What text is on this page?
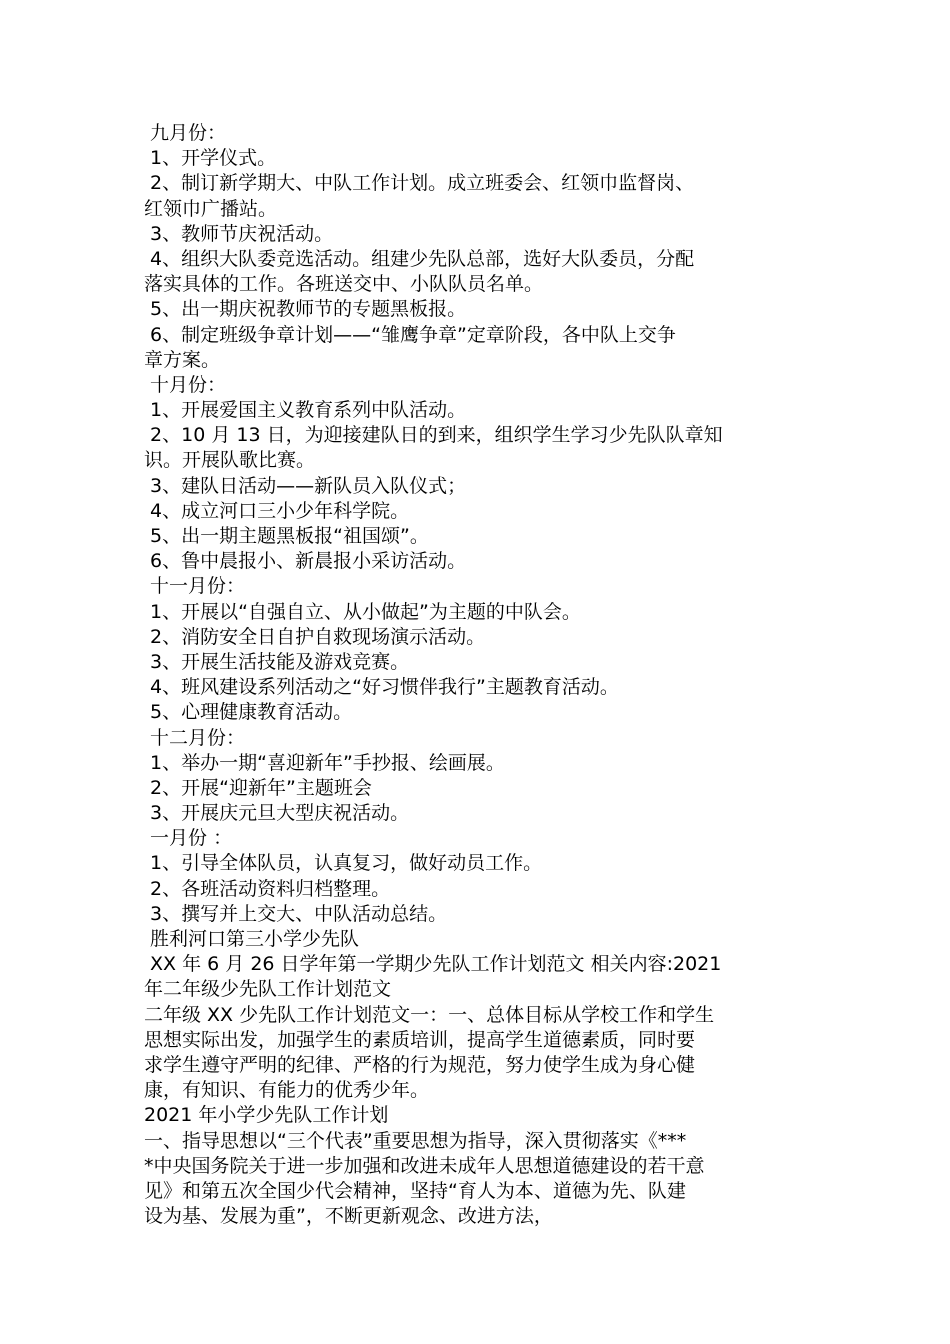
九月份：
1、开学仪式。
2、制订新学期大、中队工作计划。成立班委会、红领巾监督岗、
红领巾广播站。
3、教师节庆祝活动。
4、组织大队委竞选活动。组建少先队总部，选好大队委员，分配
落实具体的工作。各班送交中、小队队员名单。
5、出一期庆祝教师节的专题黑板报。
6、制定班级争章计划——“雏鹰争章”定章阶段，各中队上交争
章方案。
十月份：
1、开展爱国主义教育系列中队活动。
2、10 月 13 日，为迎接建队日的到来，组织学生学习少先队队章知
识。开展队歌比赛。
3、建队日活动——新队员入队仪式；
4、成立河口三小少年科学院。
5、出一期主题黑板报“祖国颂”。
6、鲁中晨报小、新晨报小采访活动。
十一月份：
1、开展以“自强自立、从小做起”为主题的中队会。
2、消防安全日自护自救现场演示活动。
3、开展生活技能及游戏竞赛。
4、班风建设系列活动之“好习惯伴我行”主题教育活动。
5、心理健康教育活动。
十二月份：
1、举办一期“喜迎新年”手抄报、绘画展。
2、开展“迎新年”主题班会
3、开展庆元旦大型庆祝活动。
一月份 ：
1、引导全体队员，认真复习，做好动员工作。
2、各班活动资料归档整理。
3、撰写并上交大、中队活动总结。
胜利河口第三小学少先队
XX 年 6 月 26 日学年第一学期少先队工作计划范文 相关内容:2021
年二年级少先队工作计划范文
二年级 XX 少先队工作计划范文一：一、总体目标从学校工作和学生
思想实际出发，加强学生的素质培训，提高学生道德素质，同时要
求学生遵守严明的纪律、严格的行为规范，努力使学生成为身心健
康，有知识、有能力的优秀少年。
2021 年小学少先队工作计划
一、指导思想以“三个代表”重要思想为指导，深入贯彻落实《***
*中央国务院关于进一步加强和改进未成年人思想道德建设的若干意
见》和第五次全国少代会精神，坚持“育人为本、道德为先、队建
设为基、发展为重”，不断更新观念、改进方法，
